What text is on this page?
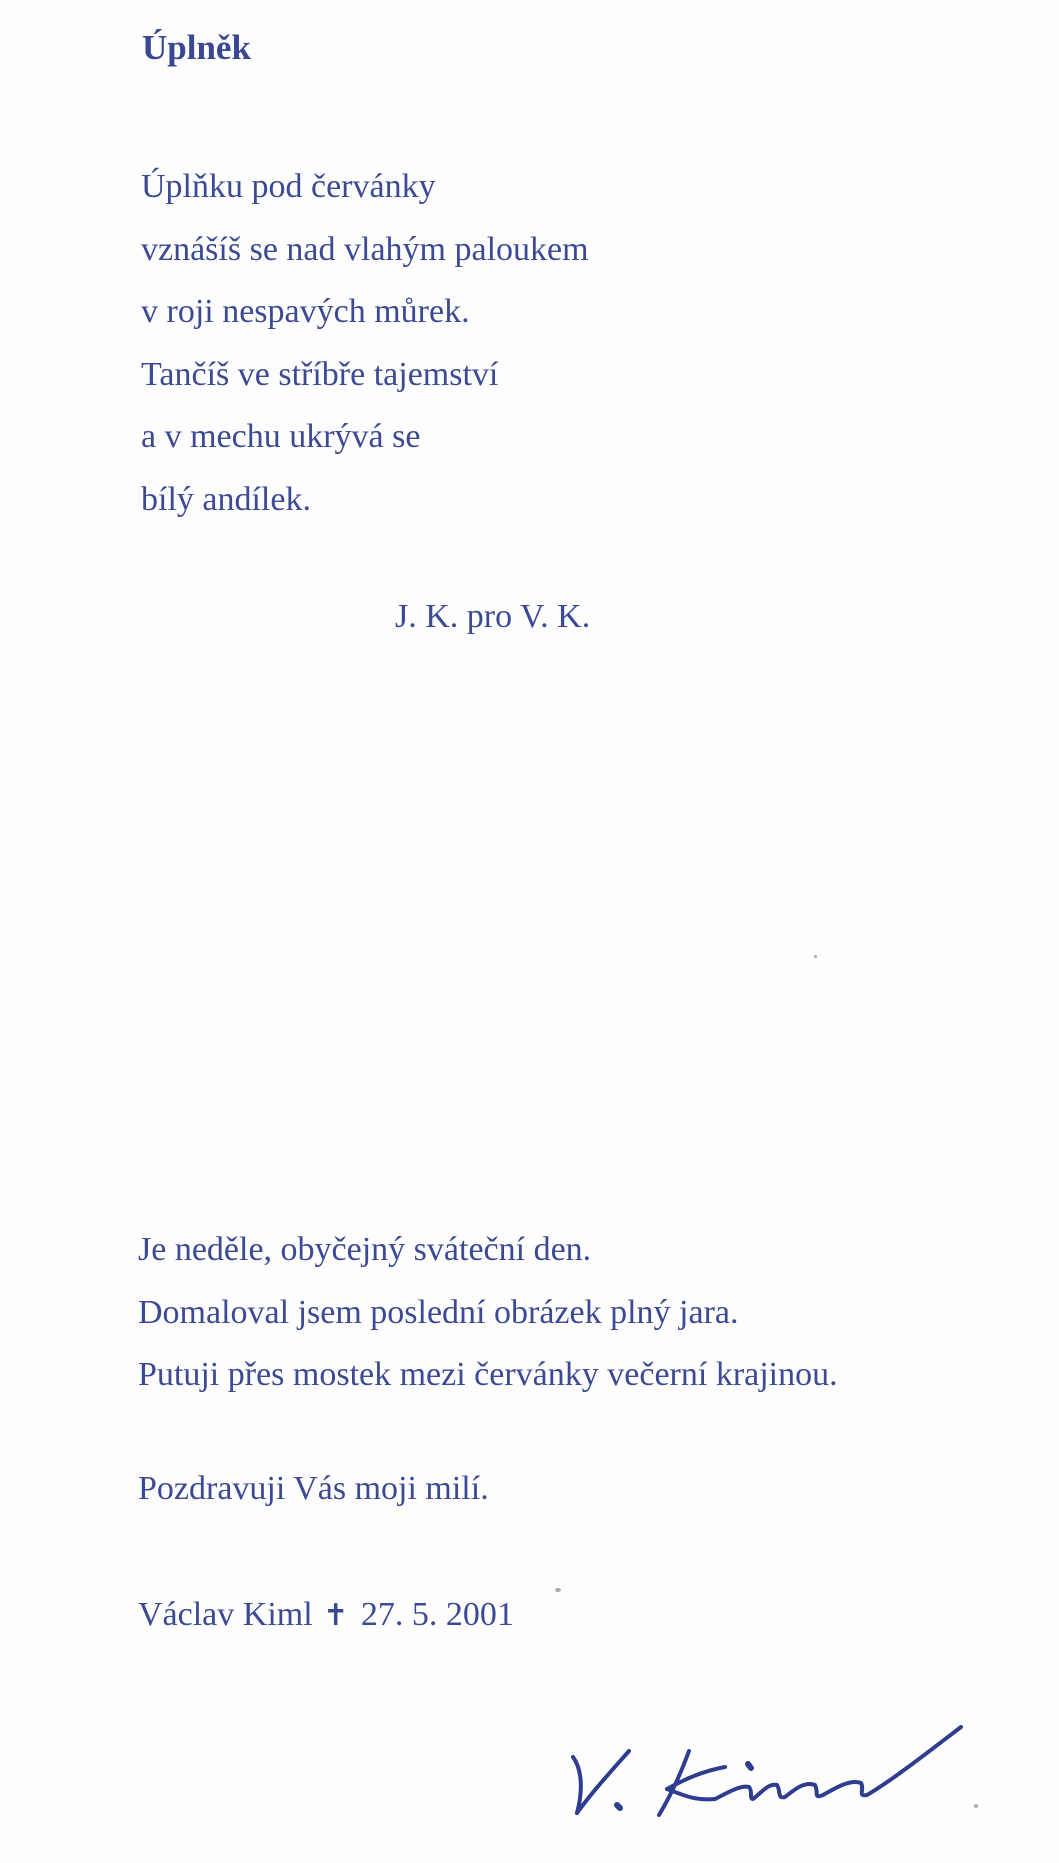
Úplněk
Úplňku pod červánky
vznášíš se nad vlahým paloukem
v roji nespavých můrek.
Tančíš ve stříbře tajemství
a v mechu ukrývá se
bílý andílek.
J. K. pro V. K.
Je neděle, obyčejný sváteční den.
Domaloval jsem poslední obrázek plný jara.
Putuji přes mostek mezi červánky večerní krajinou.
Pozdravuji Vás moji milí.
Václav Kiml ✝ 27. 5. 2001
